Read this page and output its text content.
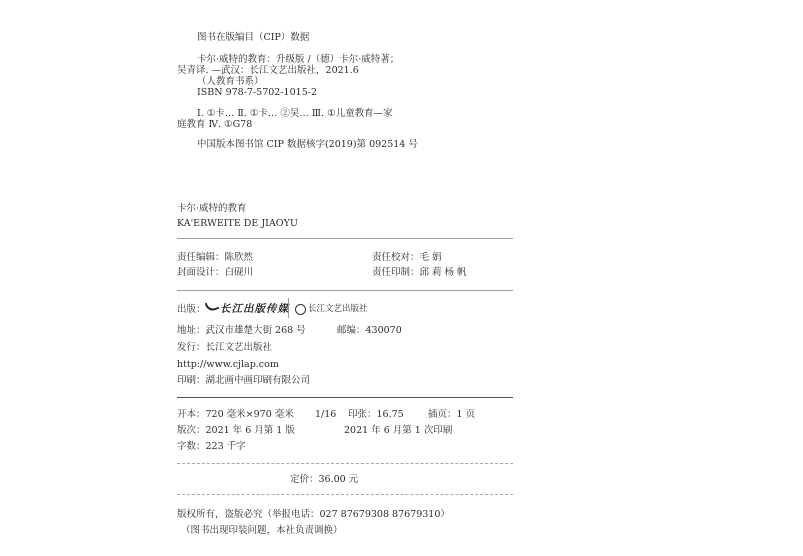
图书在版编目（CIP）数据
卡尔·威特的教育：升级版 /（德）卡尔·威特著；
吴青译. —武汉：长江文艺出版社，2021.6
（人教育书系）
ISBN 978-7-5702-1015-2
Ⅰ. ①卡… Ⅱ. ①卡… ②吴… Ⅲ. ①儿童教育—家
庭教育 Ⅳ. ①G78
中国版本图书馆 CIP 数据核字(2019)第 092514 号
卡尔·威特的教育
KA'ERWEITE DE JIAOYU
责任编辑：陈欣然	责任校对：毛 娟
封面设计：白砚川	责任印制：邱 莉 杨 帆
出版： 长江出版传媒 长江文艺出版社
地址：武汉市雄楚大街 268 号	邮编：430070
发行：长江文艺出版社
http://www.cjlap.com
印刷：湖北画中画印刷有限公司
开本：720 毫米×970 毫米 1/16 印张：16.75	插页：1 页
版次：2021 年 6 月第 1 版	2021 年 6 月第 1 次印刷
字数：223 千字
定价：36.00 元
版权所有，盗版必究（举报电话：027 87679308 87679310）
（图书出现印装问题，本社负责调换）
